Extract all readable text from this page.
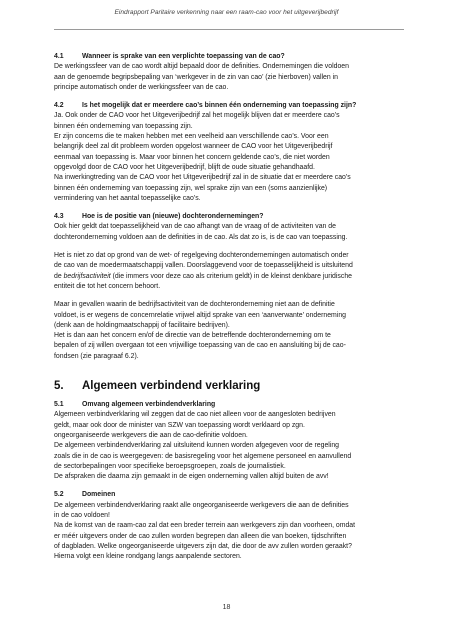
Eindrapport Paritaire verkenning naar een raam-cao voor het uitgeverijbedrijf
4.1	Wanneer is sprake van een verplichte toepassing van de cao?

De werkingssfeer van de cao wordt altijd bepaald door de definities. Ondernemingen die voldoen
aan de genoemde begripsbepaling van ‘werkgever in de zin van cao’ (zie hierboven) vallen in
principe automatisch onder de werkingssfeer van de cao.

4.2	Is het mogelijk dat er meerdere cao’s binnen één onderneming van toepassing zijn?

Ja. Ook onder de CAO voor het Uitgeverijbedrijf zal het mogelijk blijven dat er meerdere cao’s
binnen één onderneming van toepassing zijn.
Er zijn concerns die te maken hebben met een veelheid aan verschillende cao’s. Voor een
belangrijk deel zal dit probleem worden opgelost wanneer de CAO voor het Uitgeverijbedrijf
eenmaal van toepassing is. Maar voor binnen het concern geldende cao’s, die niet worden
opgevolgd door de CAO voor het Uitgeverijbedrijf, blijft de oude situatie gehandhaafd.
Na inwerkingtreding van de CAO voor het Uitgeverijbedrijf zal in de situatie dat er meerdere cao’s
binnen één onderneming van toepassing zijn, wel sprake zijn van een (soms aanzienlijke)
vermindering van het aantal toepasselijke cao’s.

4.3	Hoe is de positie van (nieuwe) dochterondernemingen?

Ook hier geldt dat toepasselijkheid van de cao afhangt van de vraag of de activiteiten van de
dochteronderneming voldoen aan de definities in de cao. Als dat zo is, is de cao van toepassing.

Het is niet zo dat op grond van de wet- of regelgeving dochterondernemingen automatisch onder
de cao van de moedermaatschappij vallen. Doorslaggevend voor de toepasselijkheid is uitsluitend
de bedrijfsactiviteit (die immers voor deze cao als criterium geldt) in de kleinst denkbare juridische
entiteit die tot het concern behoort.

Maar in gevallen waarin de bedrijfsactiviteit van de dochteronderneming niet aan de definitie
voldoet, is er wegens de concernrelatie vrijwel altijd sprake van een ‘aanverwante’ onderneming
(denk aan de holdingmaatschappij of facilitaire bedrijven).
Het is dan aan het concern en/of de directie van de betreffende dochteronderneming om te
bepalen of zij willen overgaan tot een vrijwillige toepassing van de cao en aansluiting bij de cao-
fondsen (zie paragraaf 6.2).

5. Algemeen verbindend verklaring
5.1	Omvang algemeen verbindendverklaring

Algemeen verbindverklaring wil zeggen dat de cao niet alleen voor de aangesloten bedrijven
geldt, maar ook door de minister van SZW van toepassing wordt verklaard op zgn.
ongeorganiseerde werkgevers die aan de cao-definitie voldoen.
De algemeen verbindendverklaring zal uitsluitend kunnen worden afgegeven voor de regeling
zoals die in de cao is weergegeven: de basisregeling voor het algemene personeel en aanvullend
de sectorbepalingen voor specifieke beroepsgroepen, zoals de journalistiek.
De afspraken die daarna zijn gemaakt in de eigen onderneming vallen altijd buiten de avv!

5.2	Domeinen

De algemeen verbindendverklaring raakt alle ongeorganiseerde werkgevers die aan de definities
in de cao voldoen!
Na de komst van de raam-cao zal dat een breder terrein aan werkgevers zijn dan voorheen, omdat
er méér uitgevers onder de cao zullen worden begrepen dan alleen die van boeken, tijdschriften
of dagbladen. Welke ongeorganiseerde uitgevers zijn dat, die door de avv zullen worden geraakt?
Hierna volgt een kleine rondgang langs aanpalende sectoren.

18
